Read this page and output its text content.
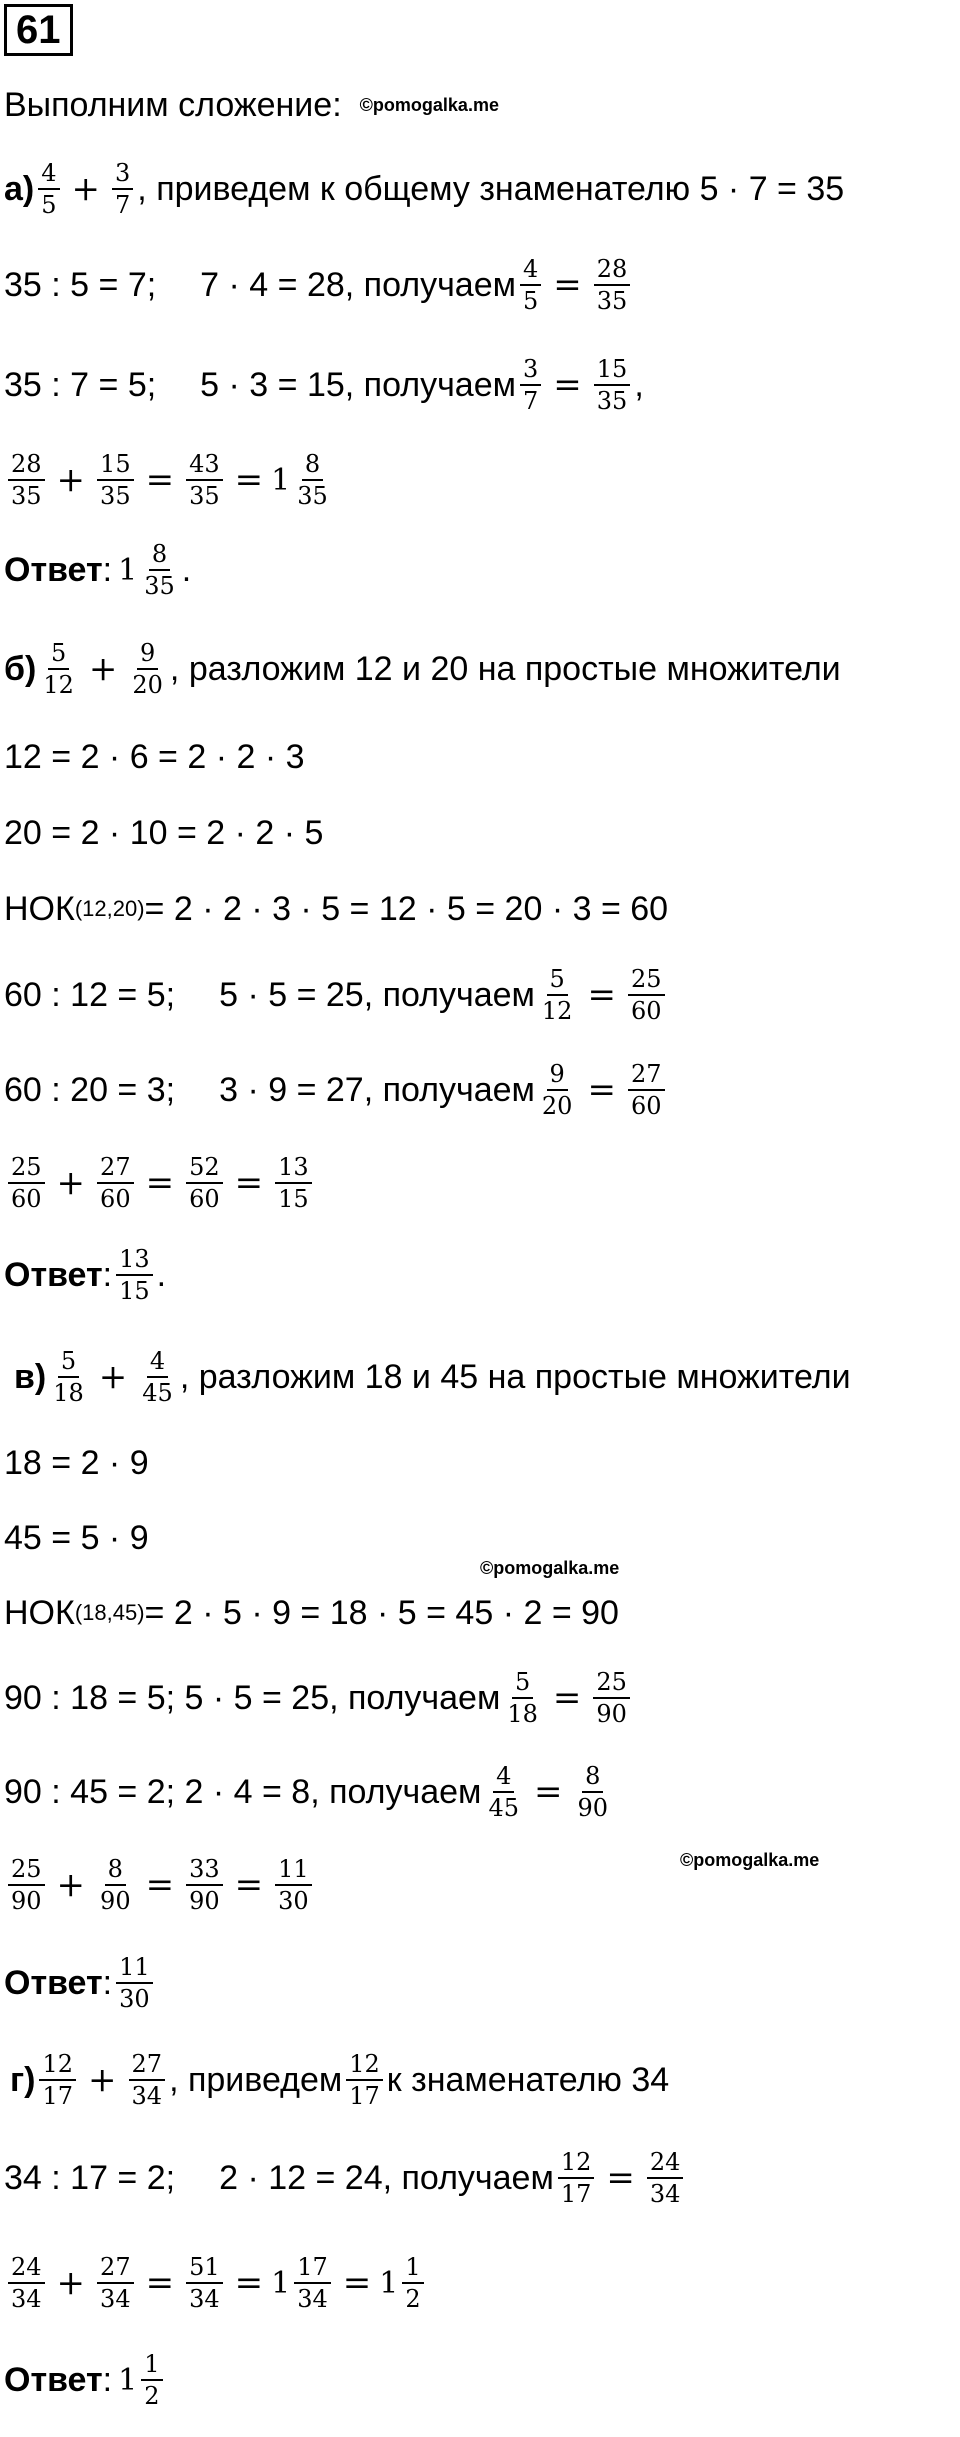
61
Выполним сложение: ©pomogalka.me
$а) \frac{4}{5} + \frac{3}{7}$ , приведем к общему знаменателю 5 · 7 = 35
35 : 5 = 7; 7 · 4 = 28, получаем $\frac{4}{5} = \frac{28}{35}$
35 : 7 = 5; 5 · 3 = 15, получаем $\frac{3}{7} = \frac{15}{35}$ ,
$\frac{28}{35} + \frac{15}{35} = \frac{43}{35} = 1 \frac{8}{35}$
Ответ : $1 \frac{8}{35}$ .
$б) \frac{5}{12} + \frac{9}{20}$ , разложим 12 и 20 на простые множители
12 = 2 · 6 = 2 · 2 · 3
20 = 2 · 10 = 2 · 2 · 5
НОК (12,20) = 2 · 2 · 3 · 5 = 12 · 5 = 20 · 3 = 60
60 : 12 = 5; 5 · 5 = 25, получаем $\frac{5}{12} = \frac{25}{60}$
60 : 20 = 3; 3 · 9 = 27, получаем $\frac{9}{20} = \frac{27}{60}$
$\frac{25}{60} + \frac{27}{60} = \frac{52}{60} = \frac{13}{15}$
Ответ : $\frac{13}{15}$ .
$в) \frac{5}{18} + \frac{4}{45}$ , разложим 18 и 45 на простые множители
18 = 2 · 9
45 = 5 · 9
©pomogalka.me
НОК (18,45) = 2 · 5 · 9 = 18 · 5 = 45 · 2 = 90
90 : 18 = 5; 5 · 5 = 25, получаем $\frac{5}{18} = \frac{25}{90}$
90 : 45 = 2; 2 · 4 = 8, получаем $\frac{4}{45} = \frac{8}{90}$
©pomogalka.me
$\frac{25}{90} + \frac{8}{90} = \frac{33}{90} = \frac{11}{30}$
Ответ : $\frac{11}{30}$
$г) \frac{12}{17} + \frac{27}{34}$ , приведем $\frac{12}{17}$ к знаменателю 34
34 : 17 = 2; 2 · 12 = 24, получаем $\frac{12}{17} = \frac{24}{34}$
$\frac{24}{34} + \frac{27}{34} = \frac{51}{34} = 1 \frac{17}{34} = 1 \frac{1}{2}$
Ответ : $1 \frac{1}{2}$
